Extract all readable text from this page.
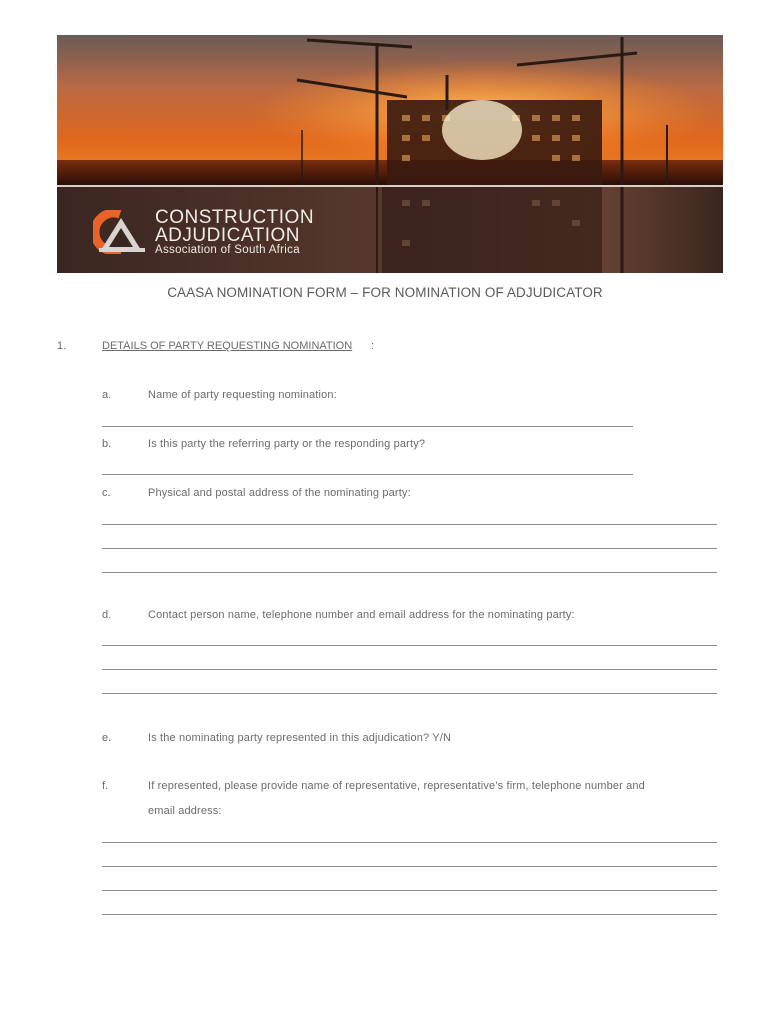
CONSTRUCTION
ADJUDICATION
Association of South Africa
CAASA NOMINATION FORM – FOR NOMINATION OF ADJUDICATOR
1.	DETAILS OF PARTY REQUESTING NOMINATION :
a.	Name of party requesting nomination:
b.	Is this party the referring party or the responding party?
c.	Physical and postal address of the nominating party:
d.	Contact person name, telephone number and email address for the nominating party:
e.	Is the nominating party represented in this adjudication? Y/N
f.	If represented, please provide name of representative, representative’s firm, telephone number and
email address:
